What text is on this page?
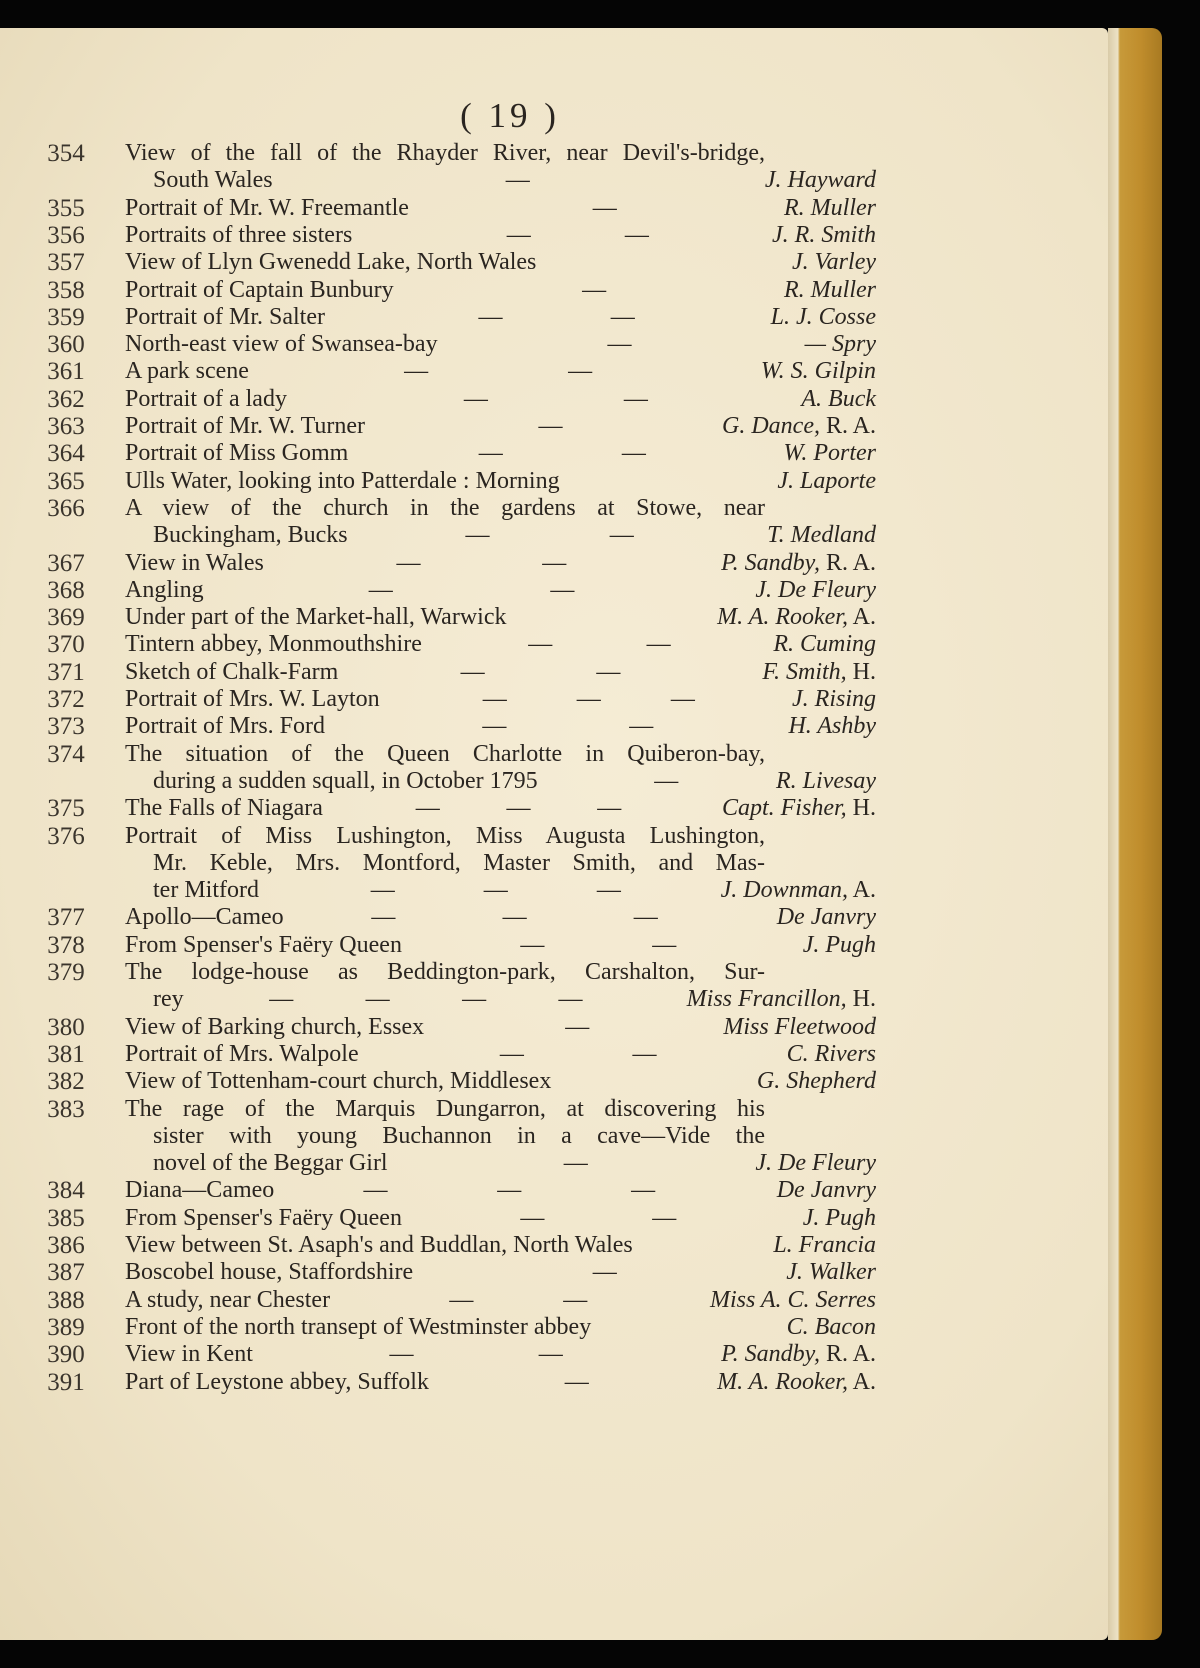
( 19 )
354	View of the fall of the Rhayder River, near Devil's-bridge,
South Wales	—	J. Hayward
355	Portrait of Mr. W. Freemantle	—	R. Muller
356	Portraits of three sisters	—	—	J. R. Smith
357	View of Llyn Gwenedd Lake, North Wales	J. Varley
358	Portrait of Captain Bunbury	—	R. Muller
359	Portrait of Mr. Salter	—	—	L. J. Cosse
360	North-east view of Swansea-bay	—	— Spry
361	A park scene	—	—	W. S. Gilpin
362	Portrait of a lady	—	—	A. Buck
363	Portrait of Mr. W. Turner	—	G. Dance, R. A.
364	Portrait of Miss Gomm	—	—	W. Porter
365	Ulls Water, looking into Patterdale : Morning	J. Laporte
366	A view of the church in the gardens at Stowe, near
Buckingham, Bucks	—	—	T. Medland
367	View in Wales	—	—	P. Sandby, R. A.
368	Angling	—	—	J. De Fleury
369	Under part of the Market-hall, Warwick	M. A. Rooker, A.
370	Tintern abbey, Monmouthshire	—	—	R. Cuming
371	Sketch of Chalk-Farm	—	—	F. Smith, H.
372	Portrait of Mrs. W. Layton	—	—	—	J. Rising
373	Portrait of Mrs. Ford	—	—	H. Ashby
374	The situation of the Queen Charlotte in Quiberon-bay,
during a sudden squall, in October 1795	—	R. Livesay
375	The Falls of Niagara	—	—	—	Capt. Fisher, H.
376	Portrait of Miss Lushington, Miss Augusta Lushington,
Mr. Keble, Mrs. Montford, Master Smith, and Mas-
ter Mitford	—	—	—	J. Downman, A.
377	Apollo—Cameo	—	—	—	De Janvry
378	From Spenser's Faëry Queen	—	—	J. Pugh
379	The lodge-house as Beddington-park, Carshalton, Sur-
rey	—	—	—	—	Miss Francillon, H.
380	View of Barking church, Essex	—	Miss Fleetwood
381	Portrait of Mrs. Walpole	—	—	C. Rivers
382	View of Tottenham-court church, Middlesex	G. Shepherd
383	The rage of the Marquis Dungarron, at discovering his
sister with young Buchannon in a cave—Vide the
novel of the Beggar Girl	—	J. De Fleury
384	Diana—Cameo	—	—	—	De Janvry
385	From Spenser's Faëry Queen	—	—	J. Pugh
386	View between St. Asaph's and Buddlan, North Wales	L. Francia
387	Boscobel house, Staffordshire	—	J. Walker
388	A study, near Chester	—	—	Miss A. C. Serres
389	Front of the north transept of Westminster abbey	C. Bacon
390	View in Kent	—	—	P. Sandby, R. A.
391	Part of Leystone abbey, Suffolk	—	M. A. Rooker, A.
